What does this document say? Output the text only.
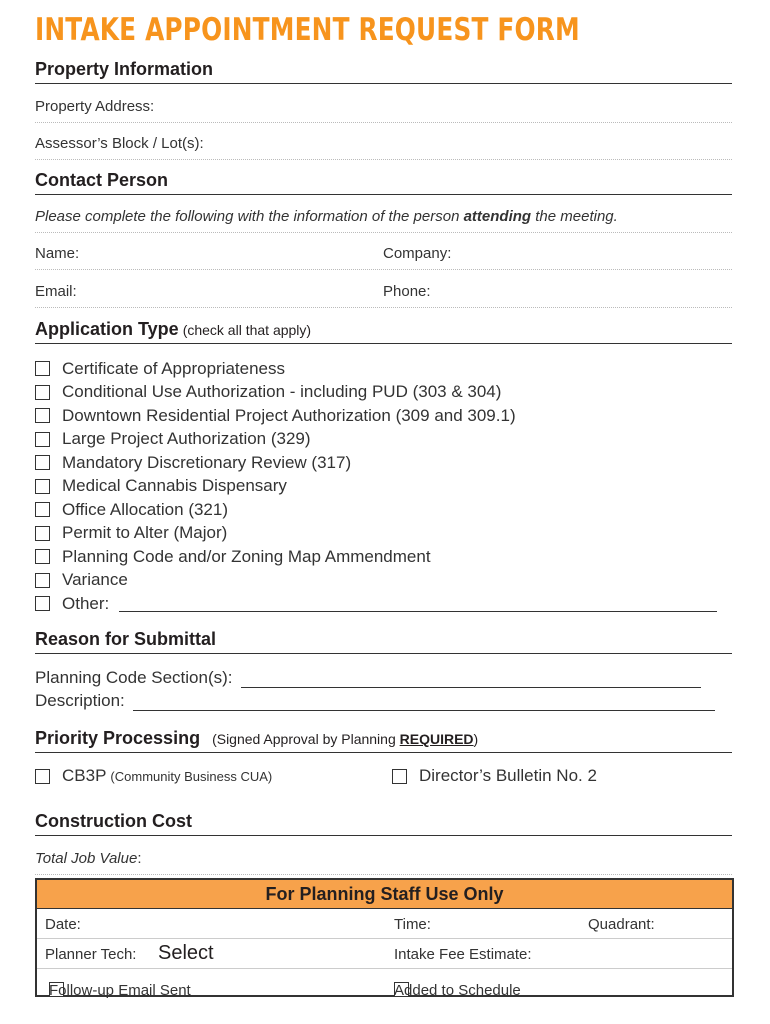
INTAKE APPOINTMENT REQUEST FORM
Property Information
Property Address:
Assessor’s Block / Lot(s):
Contact Person
Please complete the following with the information of the person attending the meeting.
Name:	Company:
Email:	Phone:
Application Type (check all that apply)
Certificate of Appropriateness
Conditional Use Authorization - including PUD (303 & 304)
Downtown Residential Project Authorization (309 and 309.1)
Large Project Authorization (329)
Mandatory Discretionary Review (317)
Medical Cannabis Dispensary
Office Allocation (321)
Permit to Alter (Major)
Planning Code and/or Zoning Map Ammendment
Variance
Other:
Reason for Submittal
Planning Code Section(s):
Description:
Priority Processing (Signed Approval by Planning REQUIRED)
CB3P (Community Business CUA)	Director’s Bulletin No. 2
Construction Cost
Total Job Value:
For Planning Staff Use Only
Date:	Time:	Quadrant:
Planner Tech: Select	Intake Fee Estimate:
Follow-up Email Sent	Added to Schedule
